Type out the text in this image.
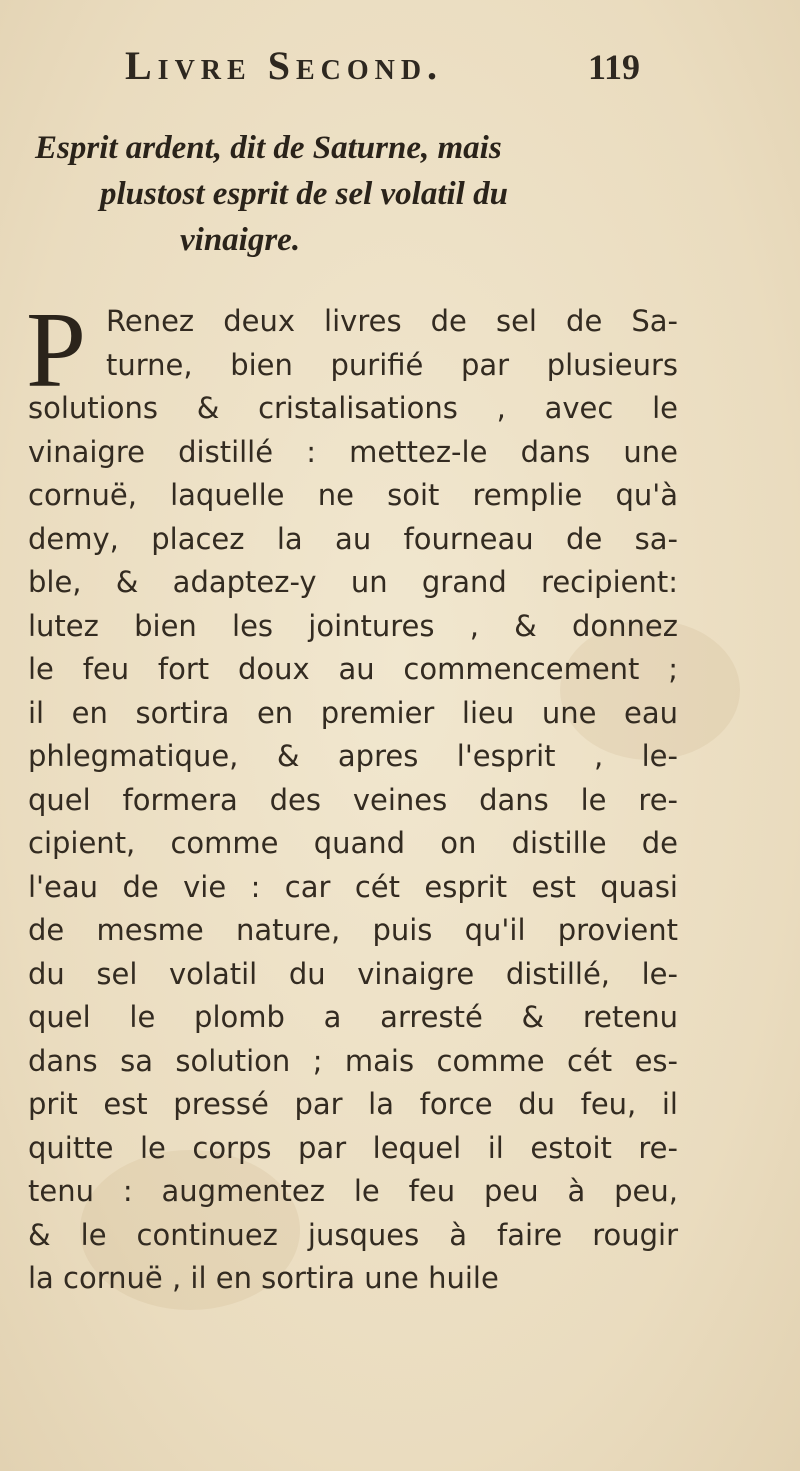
Livre Second.	119
Esprit ardent, dit de Saturne, mais
plustost esprit de sel volatil du
vinaigre.
P Renez deux livres de sel de Sa-
turne, bien purifié par plusieurs
solutions & cristalisations , avec le
vinaigre distillé : mettez-le dans une
cornuë, laquelle ne soit remplie qu'à
demy, placez la au fourneau de sa-
ble, & adaptez-y un grand recipient:
lutez bien les jointures , & donnez
le feu fort doux au commencement ;
il en sortira en premier lieu une eau
phlegmatique, & apres l'esprit , le-
quel formera des veines dans le re-
cipient, comme quand on distille de
l'eau de vie : car cét esprit est quasi
de mesme nature, puis qu'il provient
du sel volatil du vinaigre distillé, le-
quel le plomb a arresté & retenu
dans sa solution ; mais comme cét es-
prit est pressé par la force du feu, il
quitte le corps par lequel il estoit re-
tenu : augmentez le feu peu à peu,
& le continuez jusques à faire rougir
la cornuë , il en sortira une huile
